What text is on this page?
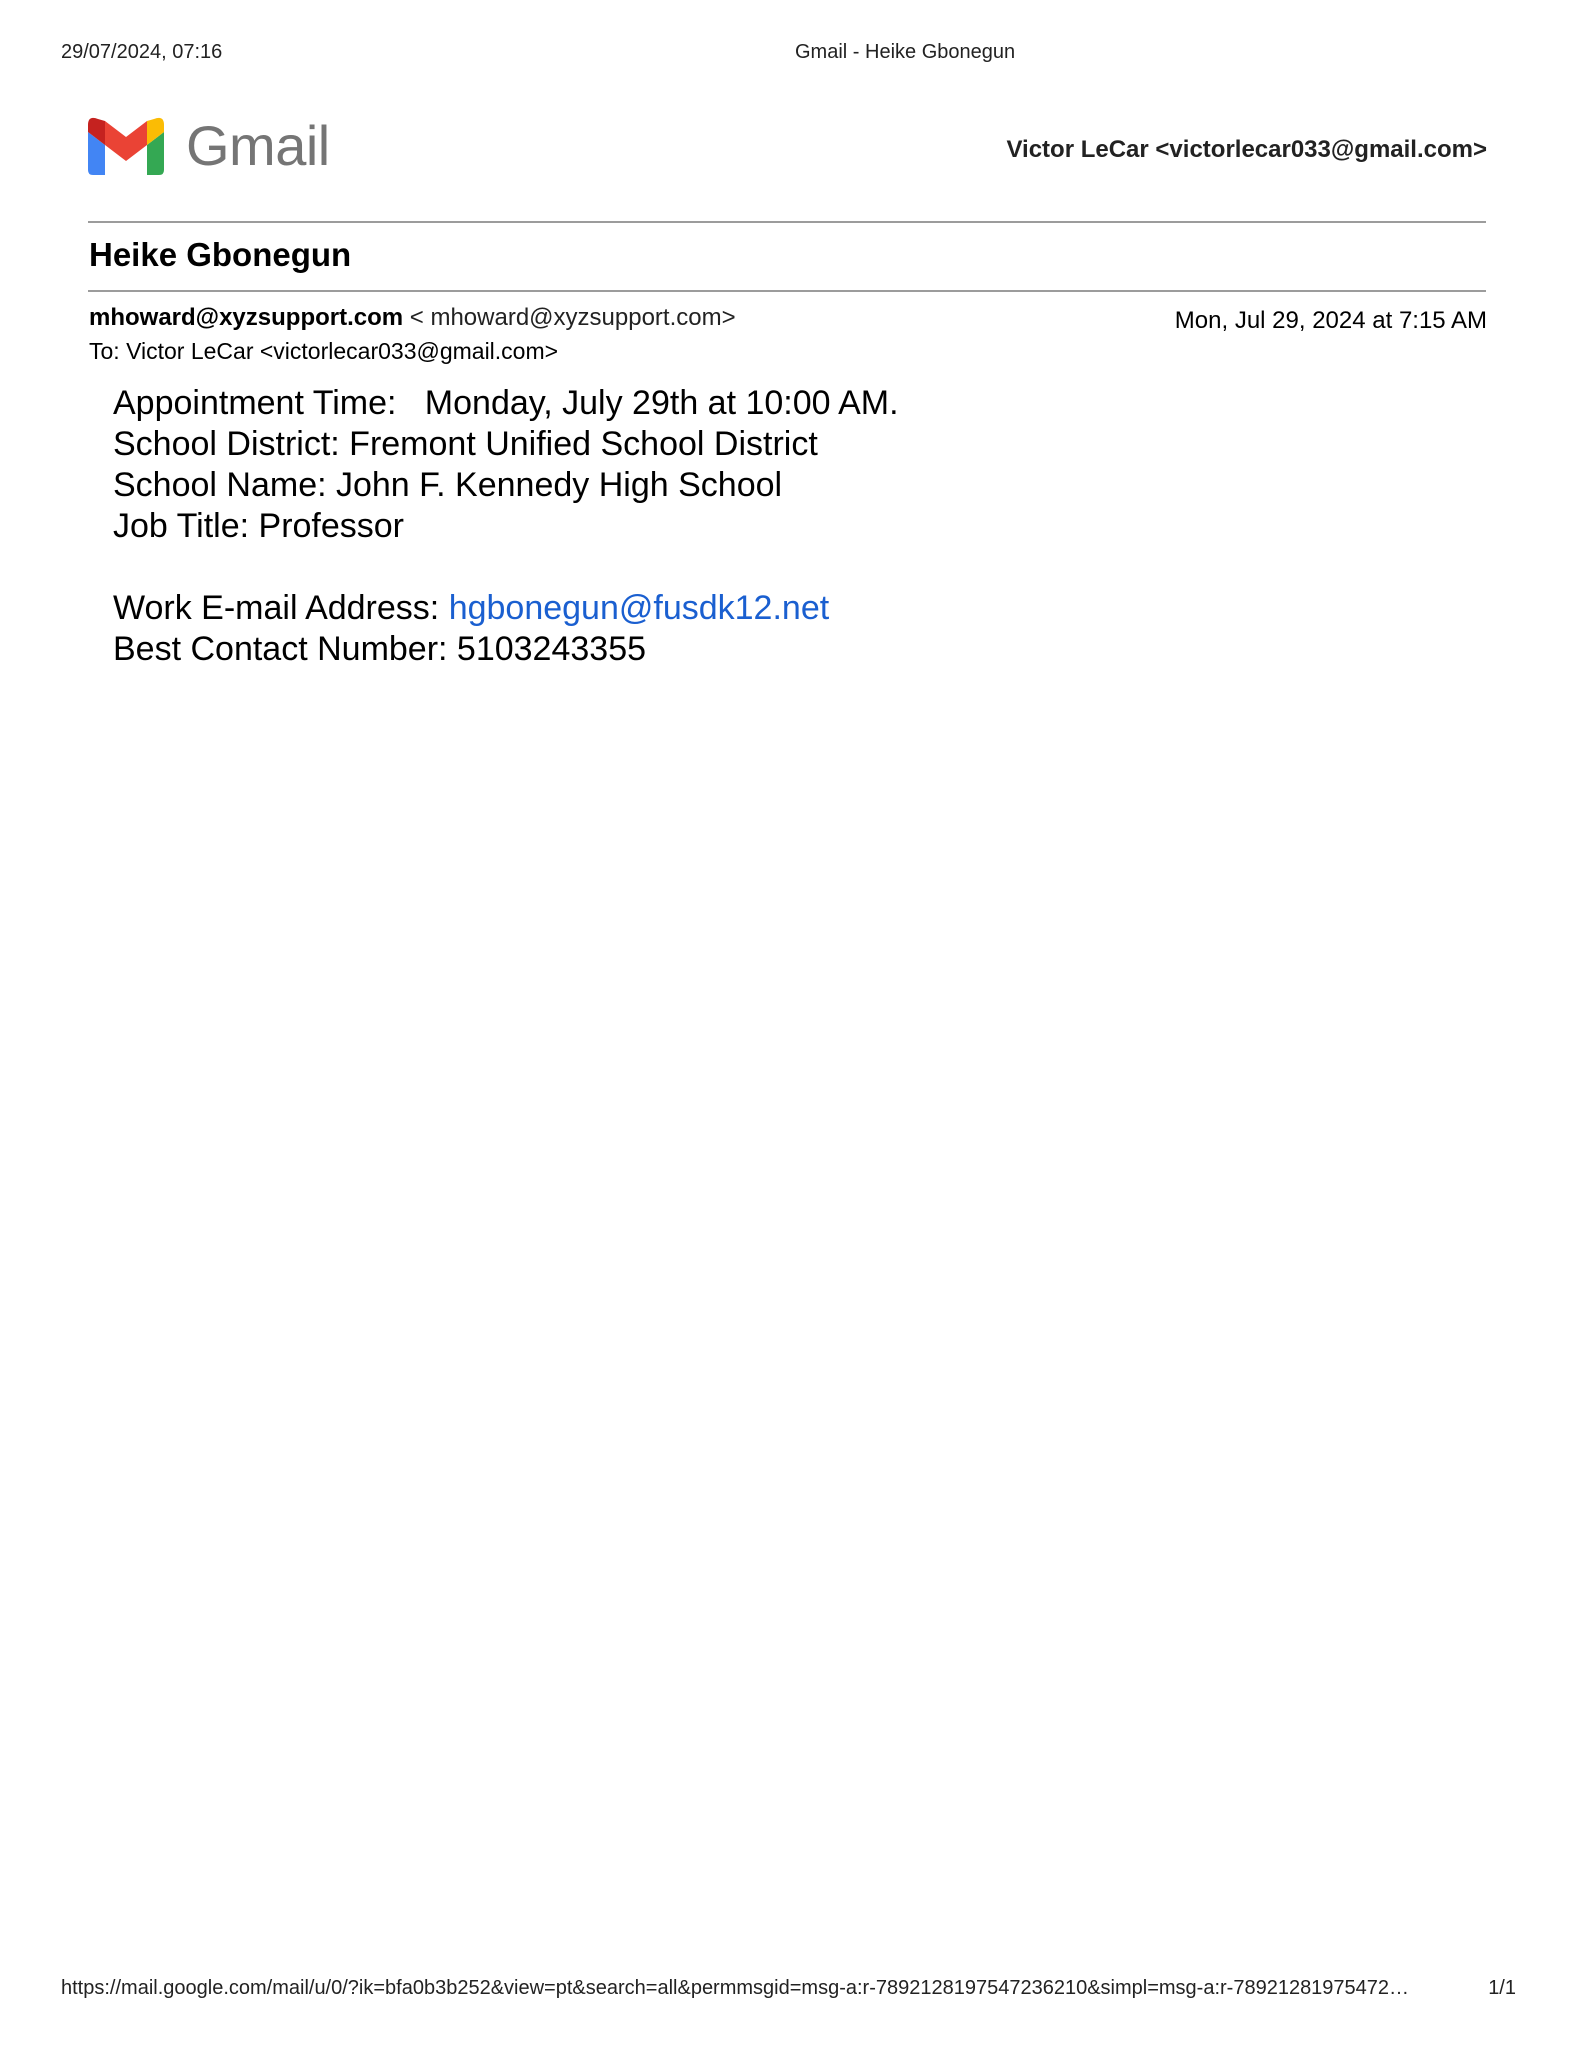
29/07/2024, 07:16	Gmail - Heike Gbonegun
Gmail	Victor LeCar <victorlecar033@gmail.com>
Heike Gbonegun
mhoward@xyzsupport.com < mhoward@xyzsupport.com>	Mon, Jul 29, 2024 at 7:15 AM
To: Victor LeCar <victorlecar033@gmail.com>
Appointment Time:   Monday, July 29th at 10:00 AM.
School District: Fremont Unified School District
School Name: John F. Kennedy High School
Job Title: Professor
Work E-mail Address: hgbonegun@fusdk12.net
Best Contact Number: 5103243355
https://mail.google.com/mail/u/0/?ik=bfa0b3b252&view=pt&search=all&permmsgid=msg-a:r-7892128197547236210&simpl=msg-a:r-78921281975472…	1/1
